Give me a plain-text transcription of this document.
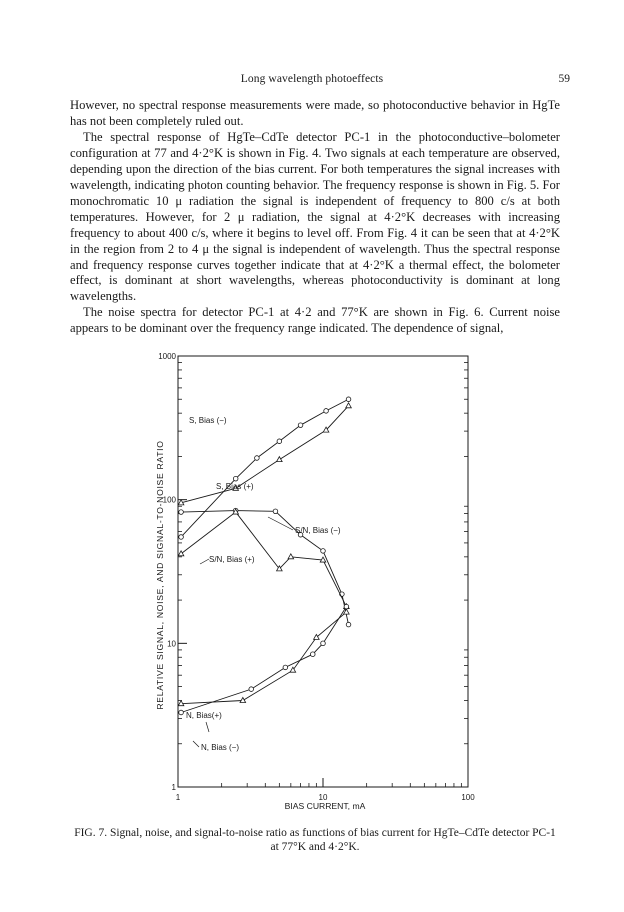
Long wavelength photoeffects	59

However, no spectral response measurements were made, so photoconductive behavior in HgTe has not been completely ruled out.

The spectral response of HgTe–CdTe detector PC-1 in the photoconductive–bolometer configuration at 77 and 4·2°K is shown in Fig. 4. Two signals at each temperature are observed, depending upon the direction of the bias current. For both temperatures the signal increases with wavelength, indicating photon counting behavior. The frequency response is shown in Fig. 5. For monochromatic 10 μ radiation the signal is independent of frequency to 800 c/s at both temperatures. However, for 2 μ radiation, the signal at 4·2°K decreases with increasing frequency to about 400 c/s, where it begins to level off. From Fig. 4 it can be seen that at 4·2°K in the region from 2 to 4 μ the signal is independent of wavelength. Thus the spectral response and frequency response curves together indicate that at 4·2°K a thermal effect, the bolometer effect, is dominant at short wavelengths, whereas photoconductivity is dominant at long wavelengths.

The noise spectra for detector PC-1 at 4·2 and 77°K are shown in Fig. 6. Current noise appears to be dominant over the frequency range indicated. The dependence of signal,

1000
100
10
1
1	10	100
RELATIVE SIGNAL, NOISE, AND SIGNAL-TO-NOISE RATIO
BIAS CURRENT, mA
S, Bias (−)
S, Bias (+)
S/N, Bias (−)
S/N, Bias (+)
N, Bias(+)
N, Bias (−)
FIG. 7. Signal, noise, and signal-to-noise ratio as functions of bias current for HgTe–CdTe detector PC-1 at 77°K and 4·2°K.
